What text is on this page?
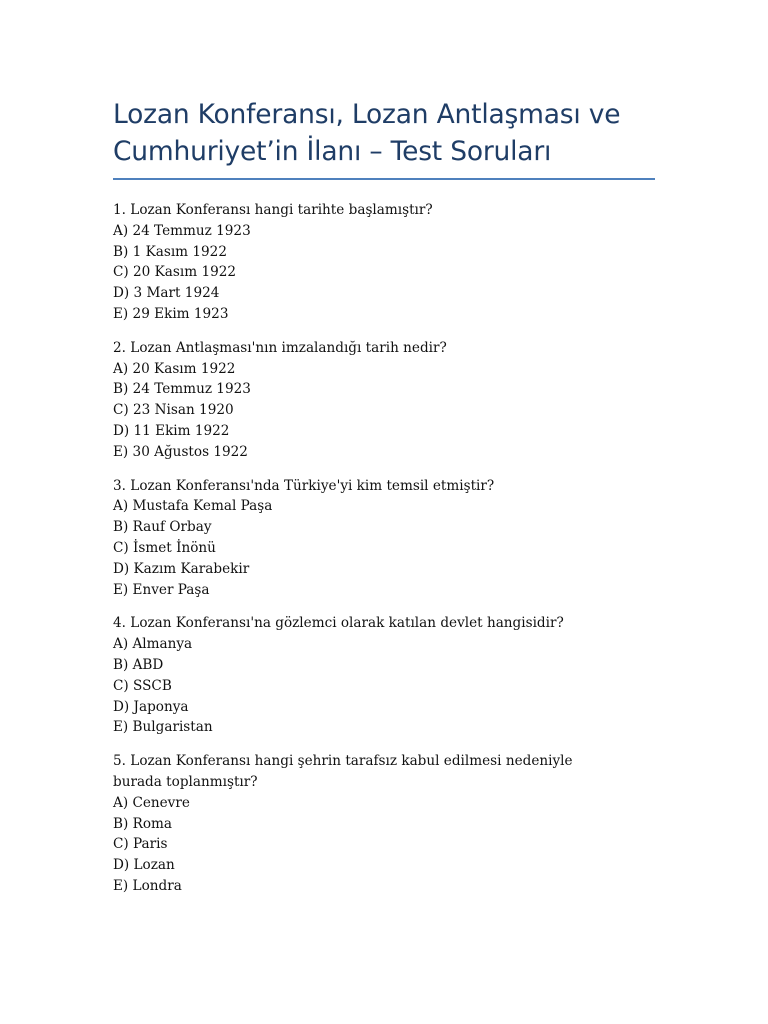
Lozan Konferansı, Lozan Antlaşması ve Cumhuriyet’in İlanı – Test Soruları

1. Lozan Konferansı hangi tarihte başlamıştır?

A) 24 Temmuz 1923

B) 1 Kasım 1922

C) 20 Kasım 1922

D) 3 Mart 1924

E) 29 Ekim 1923

2. Lozan Antlaşması'nın imzalandığı tarih nedir?

A) 20 Kasım 1922

B) 24 Temmuz 1923

C) 23 Nisan 1920

D) 11 Ekim 1922

E) 30 Ağustos 1922

3. Lozan Konferansı'nda Türkiye'yi kim temsil etmiştir?

A) Mustafa Kemal Paşa

B) Rauf Orbay

C) İsmet İnönü

D) Kazım Karabekir

E) Enver Paşa

4. Lozan Konferansı'na gözlemci olarak katılan devlet hangisidir?

A) Almanya

B) ABD

C) SSCB

D) Japonya

E) Bulgaristan

5. Lozan Konferansı hangi şehrin tarafsız kabul edilmesi nedeniyle burada toplanmıştır?

A) Cenevre

B) Roma

C) Paris

D) Lozan

E) Londra
